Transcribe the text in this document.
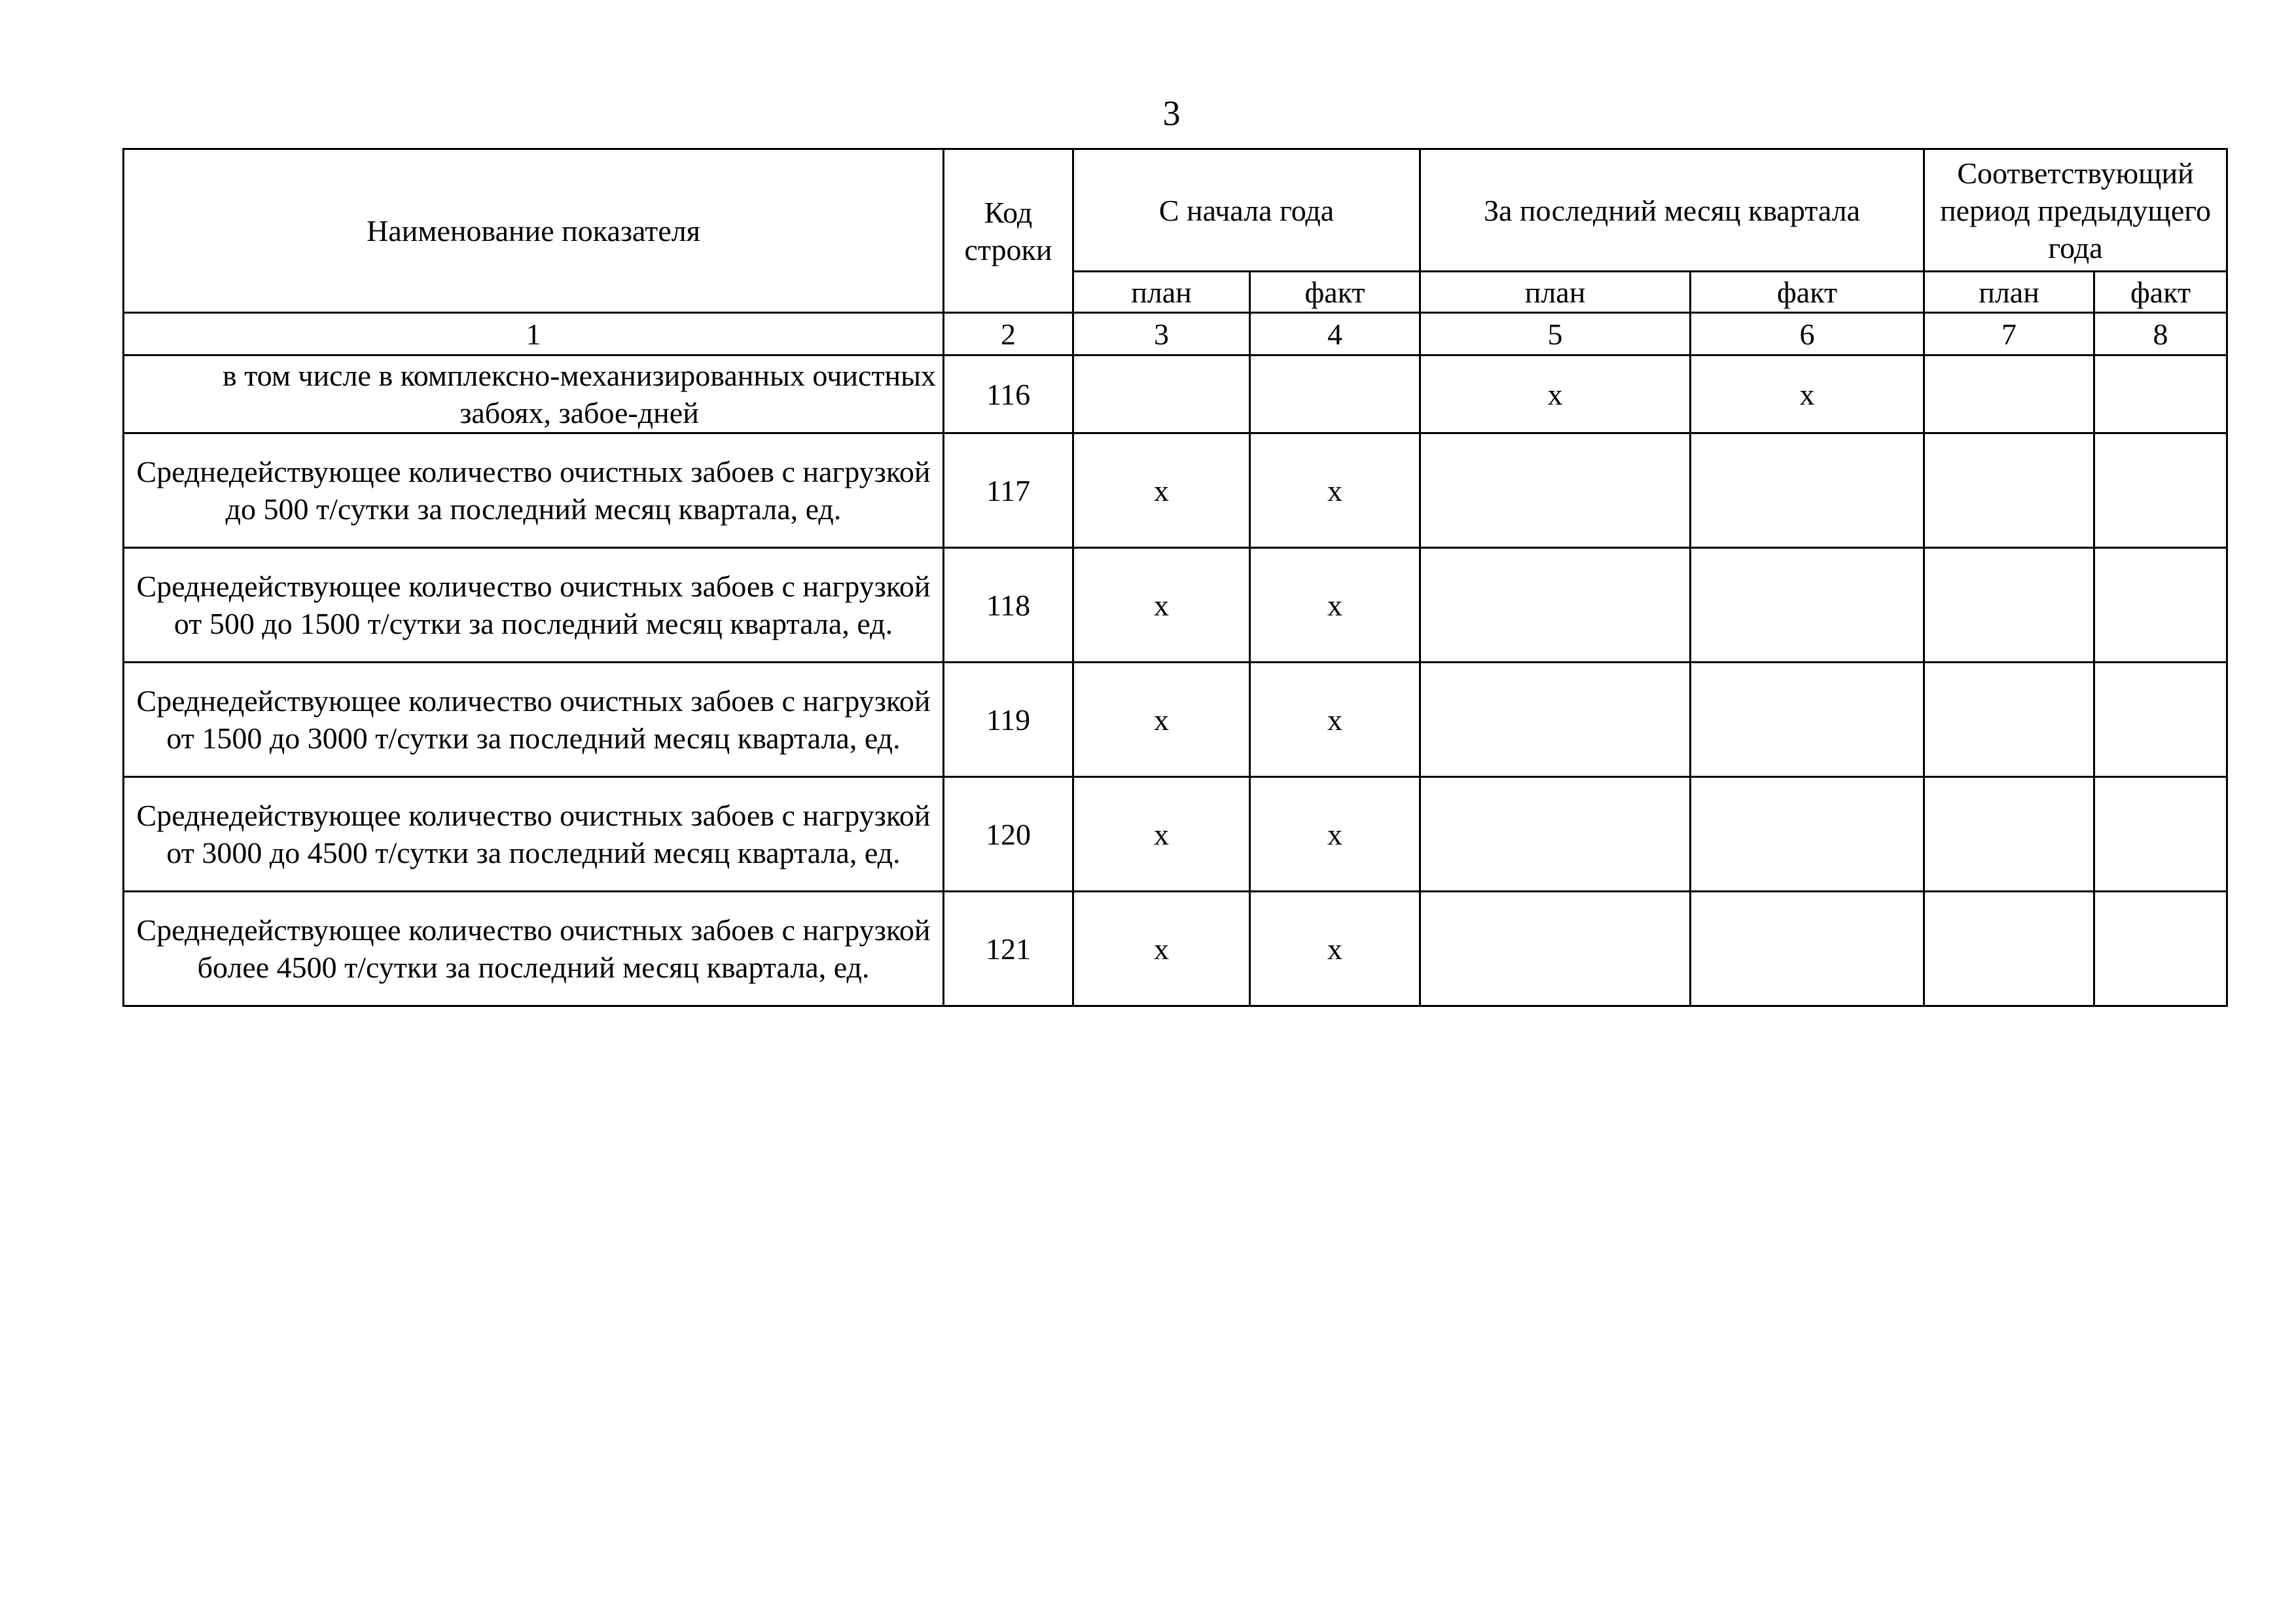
3
Наименование показателя	Код строки	С начала года		За последний месяц квартала		Соответствующий период предыдущего года	
		план	факт	план	факт	план	факт
1	2	3	4	5	6	7	8
в том числе в комплексно-механизированных очистных забоях, забое-дней	116			х	х		
Среднедействующее количество очистных забоев с нагрузкой до 500 т/сутки за последний месяц квартала, ед.	117	х	х				
Среднедействующее количество очистных забоев с нагрузкой от 500 до 1500 т/сутки за последний месяц квартала, ед.	118	х	х				
Среднедействующее количество очистных забоев с нагрузкой от 1500 до 3000 т/сутки за последний месяц квартала, ед.	119	х	х				
Среднедействующее количество очистных забоев с нагрузкой от 3000 до 4500 т/сутки за последний месяц квартала, ед.	120	х	х				
Среднедействующее количество очистных забоев с нагрузкой более 4500 т/сутки за последний месяц квартала, ед.	121	х	х				
